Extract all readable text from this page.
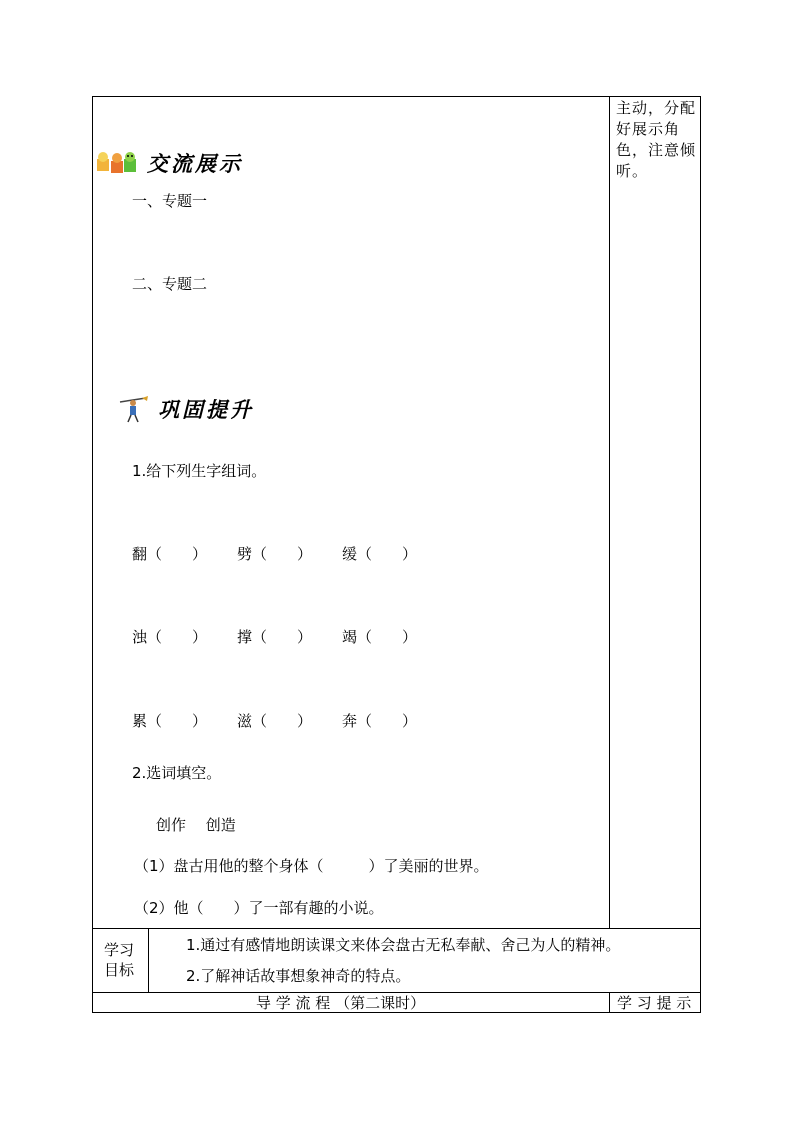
主动，分配好展示角色，注意倾听。
交流展示
一、专题一
二、专题二
巩固提升
1.给下列生字组词。
翻（　　）	劈（　　）	缓（　　）
浊（　　）	撑（　　）	竭（　　）
累（　　）	滋（　　）	奔（　　）
2.选词填空。
创作　 创造
（1）盘古用他的整个身体（　　　）了美丽的世界。
（2）他（　　）了一部有趣的小说。
学习
目标
1.通过有感情地朗读课文来体会盘古无私奉献、舍己为人的精神。
2.了解神话故事想象神奇的特点。
导 学 流 程 （第二课时）	学 习 提 示
